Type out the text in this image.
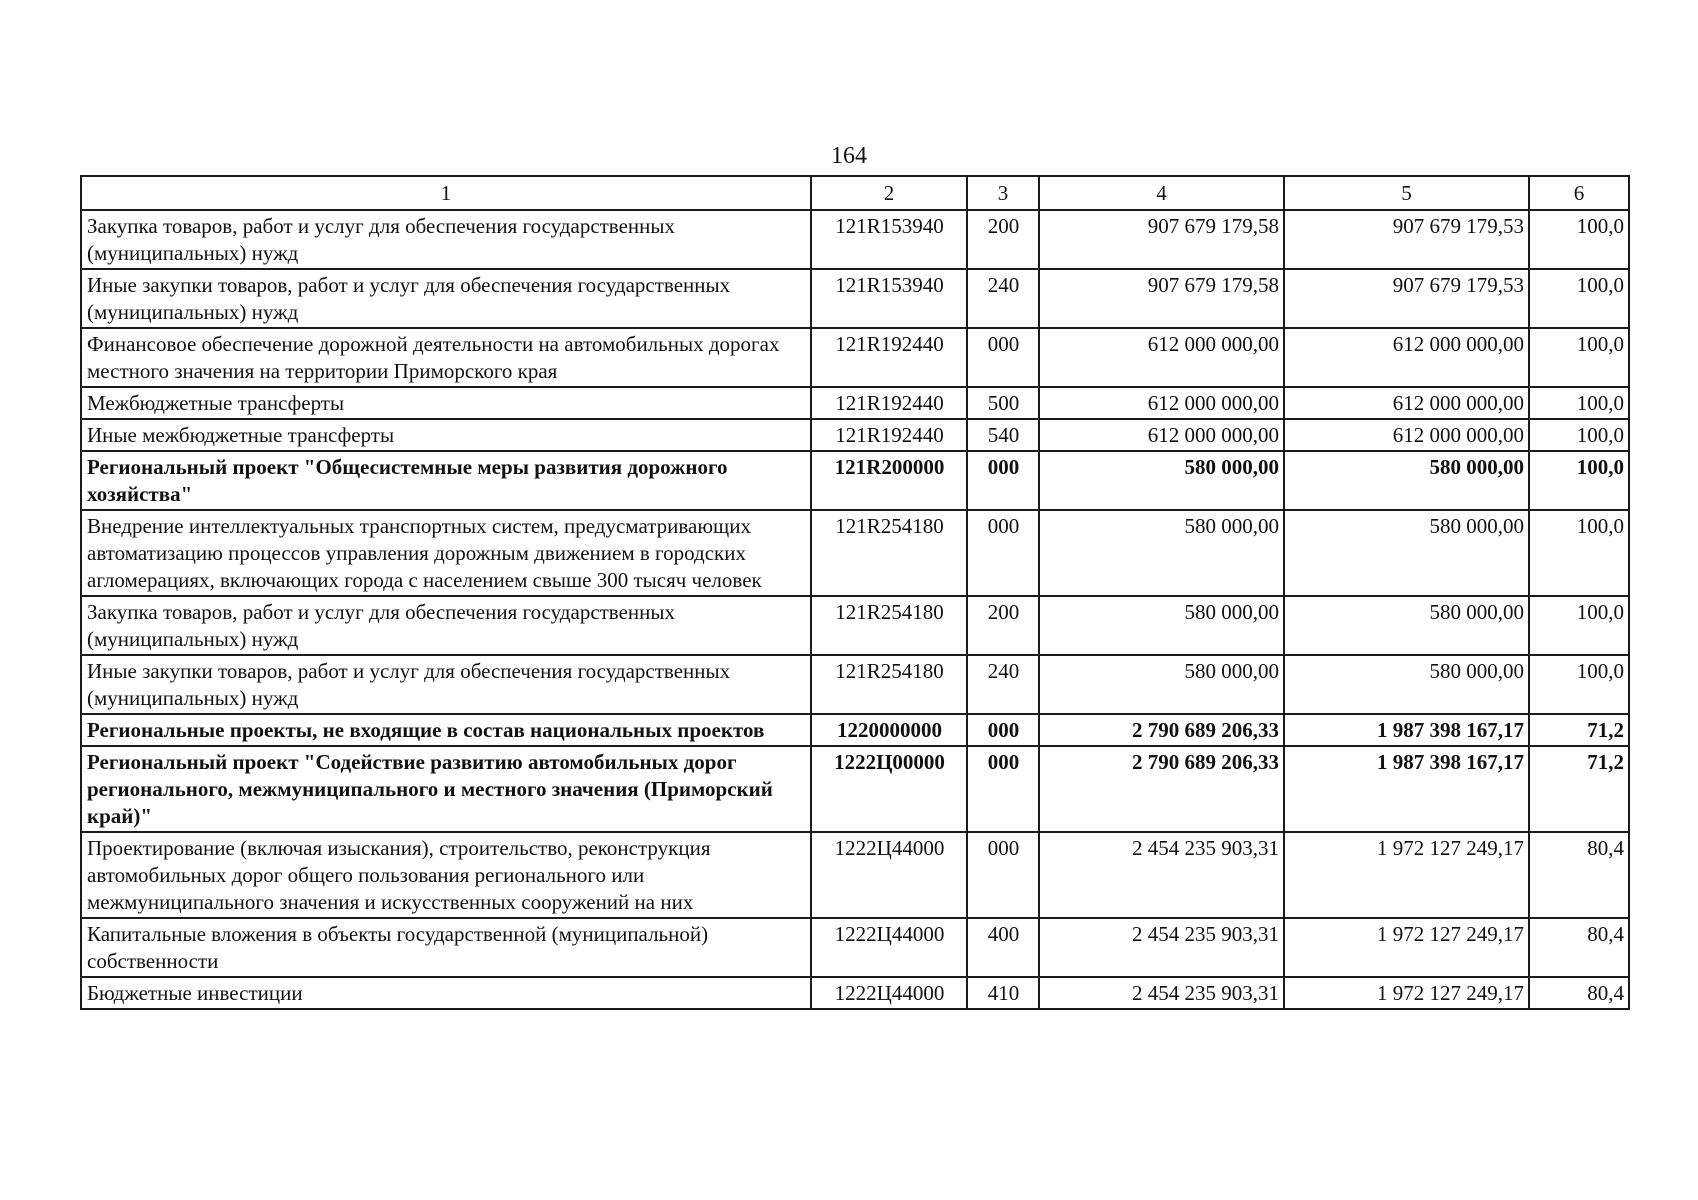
164
1	2	3	4	5	6
Закупка товаров, работ и услуг для обеспечения государственных (муниципальных) нужд	121R153940	200	907 679 179,58	907 679 179,53	100,0
Иные закупки товаров, работ и услуг для обеспечения государственных (муниципальных) нужд	121R153940	240	907 679 179,58	907 679 179,53	100,0
Финансовое обеспечение дорожной деятельности на автомобильных дорогах местного значения на территории Приморского края	121R192440	000	612 000 000,00	612 000 000,00	100,0
Межбюджетные трансферты	121R192440	500	612 000 000,00	612 000 000,00	100,0
Иные межбюджетные трансферты	121R192440	540	612 000 000,00	612 000 000,00	100,0
Региональный проект "Общесистемные меры развития дорожного хозяйства"	121R200000	000	580 000,00	580 000,00	100,0
Внедрение интеллектуальных транспортных систем, предусматривающих автоматизацию процессов управления дорожным движением в городских агломерациях, включающих города с населением свыше 300 тысяч человек	121R254180	000	580 000,00	580 000,00	100,0
Закупка товаров, работ и услуг для обеспечения государственных (муниципальных) нужд	121R254180	200	580 000,00	580 000,00	100,0
Иные закупки товаров, работ и услуг для обеспечения государственных (муниципальных) нужд	121R254180	240	580 000,00	580 000,00	100,0
Региональные проекты, не входящие в состав национальных проектов	1220000000	000	2 790 689 206,33	1 987 398 167,17	71,2
Региональный проект "Содействие развитию автомобильных дорог регионального, межмуниципального и местного значения (Приморский край)"	1222Ц00000	000	2 790 689 206,33	1 987 398 167,17	71,2
Проектирование (включая изыскания), строительство, реконструкция автомобильных дорог общего пользования регионального или межмуниципального значения и искусственных сооружений на них	1222Ц44000	000	2 454 235 903,31	1 972 127 249,17	80,4
Капитальные вложения в объекты государственной (муниципальной) собственности	1222Ц44000	400	2 454 235 903,31	1 972 127 249,17	80,4
Бюджетные инвестиции	1222Ц44000	410	2 454 235 903,31	1 972 127 249,17	80,4
